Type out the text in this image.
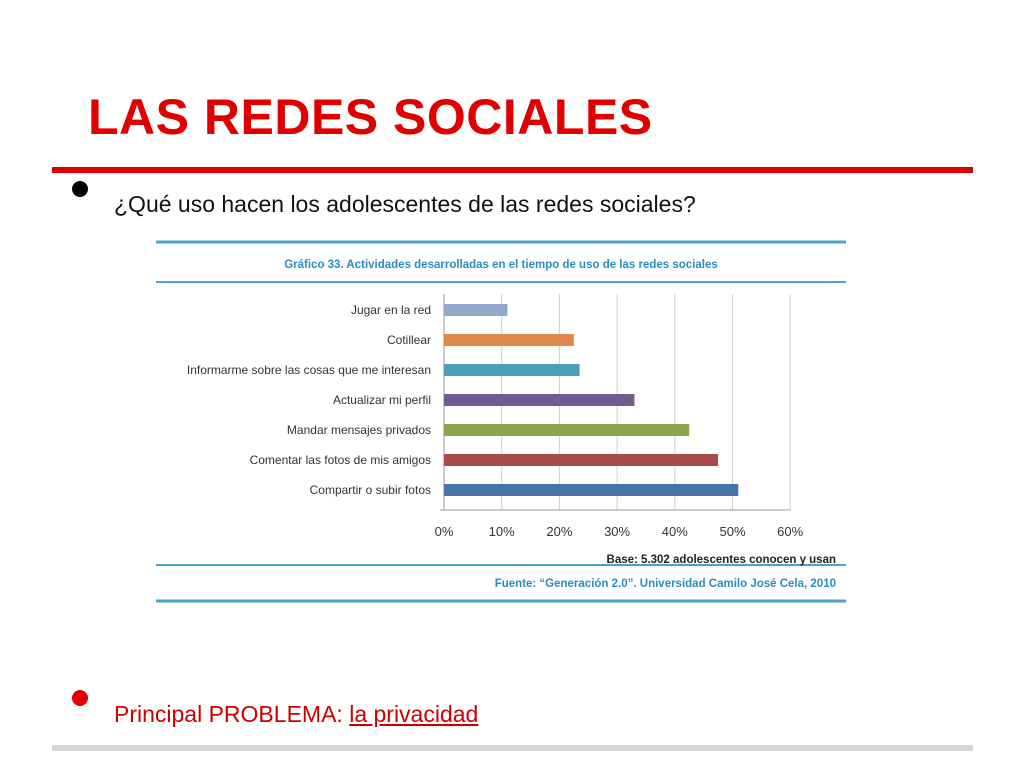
LAS REDES SOCIALES
¿Qué uso hacen los adolescentes de las redes sociales?
Gráfico 33. Actividades desarrolladas en el tiempo de uso de las redes sociales
0%	10% 20% 30% 40% 50% 60%
Jugar en la red
Cotillear
Informarme sobre las cosas que me interesan
Actualizar mi perfil
Mandar mensajes privados
Comentar las fotos de mis amigos
Compartir o subir fotos
Base: 5.302 adolescentes conocen y usan
Fuente: “Generación 2.0”. Universidad Camilo José Cela, 2010
Principal PROBLEMA: la privacidad
